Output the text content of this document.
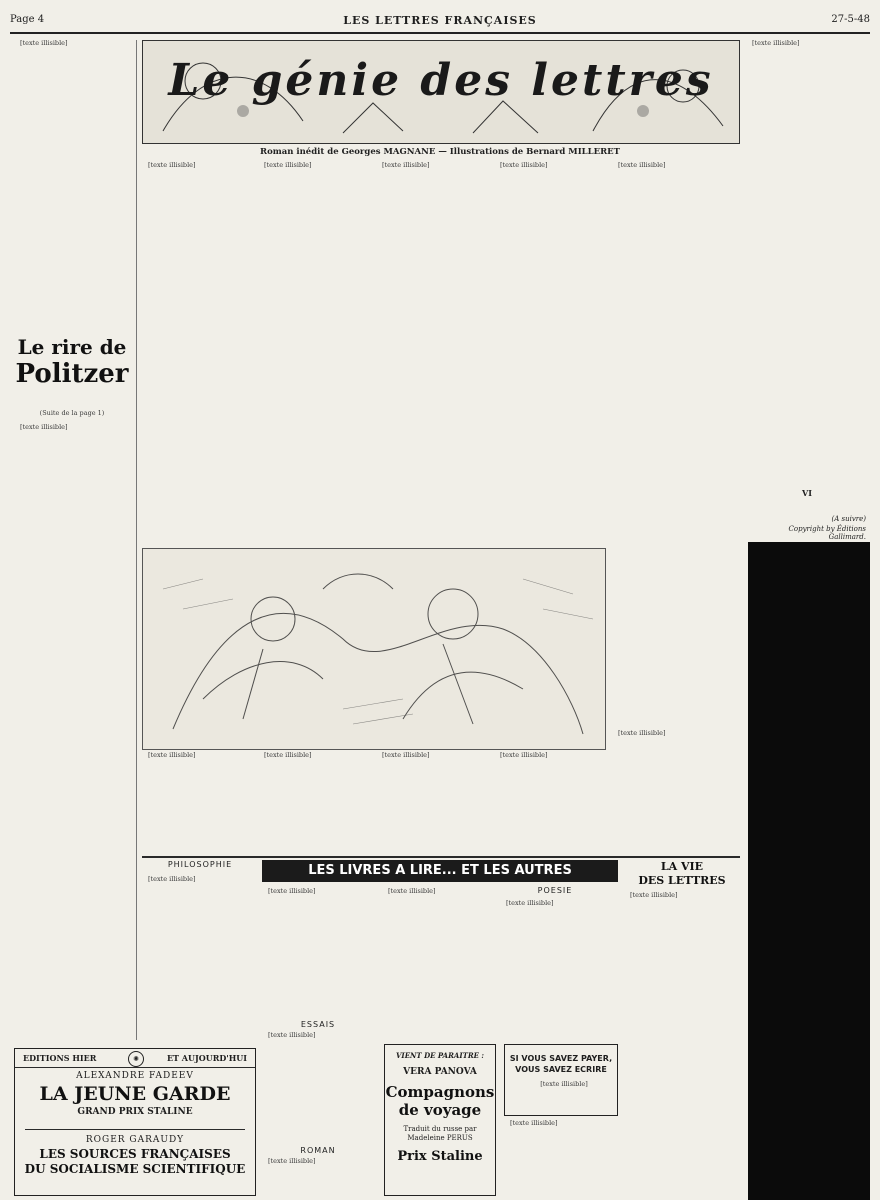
Page 4	LES LETTRES FRANÇAISES	27-5-48

[texte illisible]

Le rire de
Politzer
(Suite de la page 1)

[texte illisible]

Le génie des lettres
Roman inédit de Georges MAGNANE — Illustrations de Bernard MILLERET

[texte illisible]	[texte illisible]	[texte illisible]	[texte illisible]	[texte illisible]

[texte illisible]

VI
(A suivre)
Copyright by Éditions Gallimard.

[texte illisible]	[texte illisible]	[texte illisible]	[texte illisible]

[texte illisible]

PHILOSOPHIE	LES LIVRES A LIRE... ET LES AUTRES
POESIE
LA VIE
DES LETTRES

[texte illisible]

[texte illisible]	[texte illisible]

[texte illisible]

[texte illisible]

ESSAIS

[texte illisible]

ROMAN

[texte illisible]

EDITIONS HIER	✺	ET AUJOURD'HUI
ALEXANDRE FADEEV
LA JEUNE GARDE
GRAND PRIX STALINE
ROGER GARAUDY
LES SOURCES FRANÇAISES
DU SOCIALISME SCIENTIFIQUE
VIENT DE PARAITRE :
VERA PANOVA
Compagnons
de voyage
Traduit du russe par Madeleine PERUS
Prix Staline
SI VOUS SAVEZ PAYER,
VOUS SAVEZ ECRIRE

[texte illisible]

[texte illisible]
